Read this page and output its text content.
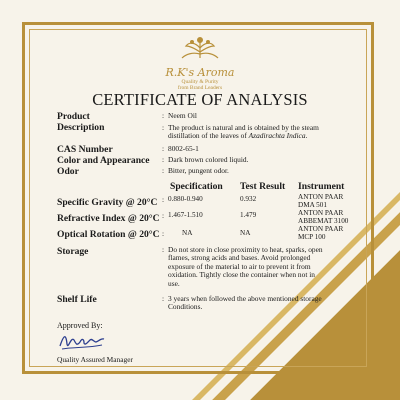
R.K's Aroma
Quality & Purity
from Brand Leaders
CERTIFICATE OF ANALYSIS
Product	: Neem Oil
Description	: The product is natural and is obtained by the steam
distillation of the leaves of Azadirachta Indica.
CAS Number	: 8002-65-1
Color and Appearance : Dark brown colored liquid.
Odor	: Bitter, pungent odor.
Specification Test Result Instrument
Specific Gravity @ 20°C : 0.880-0.940	0.932	ANTON PAAR
DMA 501
Refractive Index @ 20°C : 1.467-1.510	1.479	ANTON PAAR
ABBEMAT 3100
Optical Rotation @ 20°C : NA	NA	ANTON PAAR
MCP 100
Storage	: Do not store in close proximity to heat, sparks, open
flames, strong acids and bases. Avoid prolonged
exposure of the material to air to prevent it from
oxidation. Tightly close the container when not in
use.
Shelf Life	: 3 years when followed the above mentioned storage
Conditions.
Approved By:
Quality Assured Manager
